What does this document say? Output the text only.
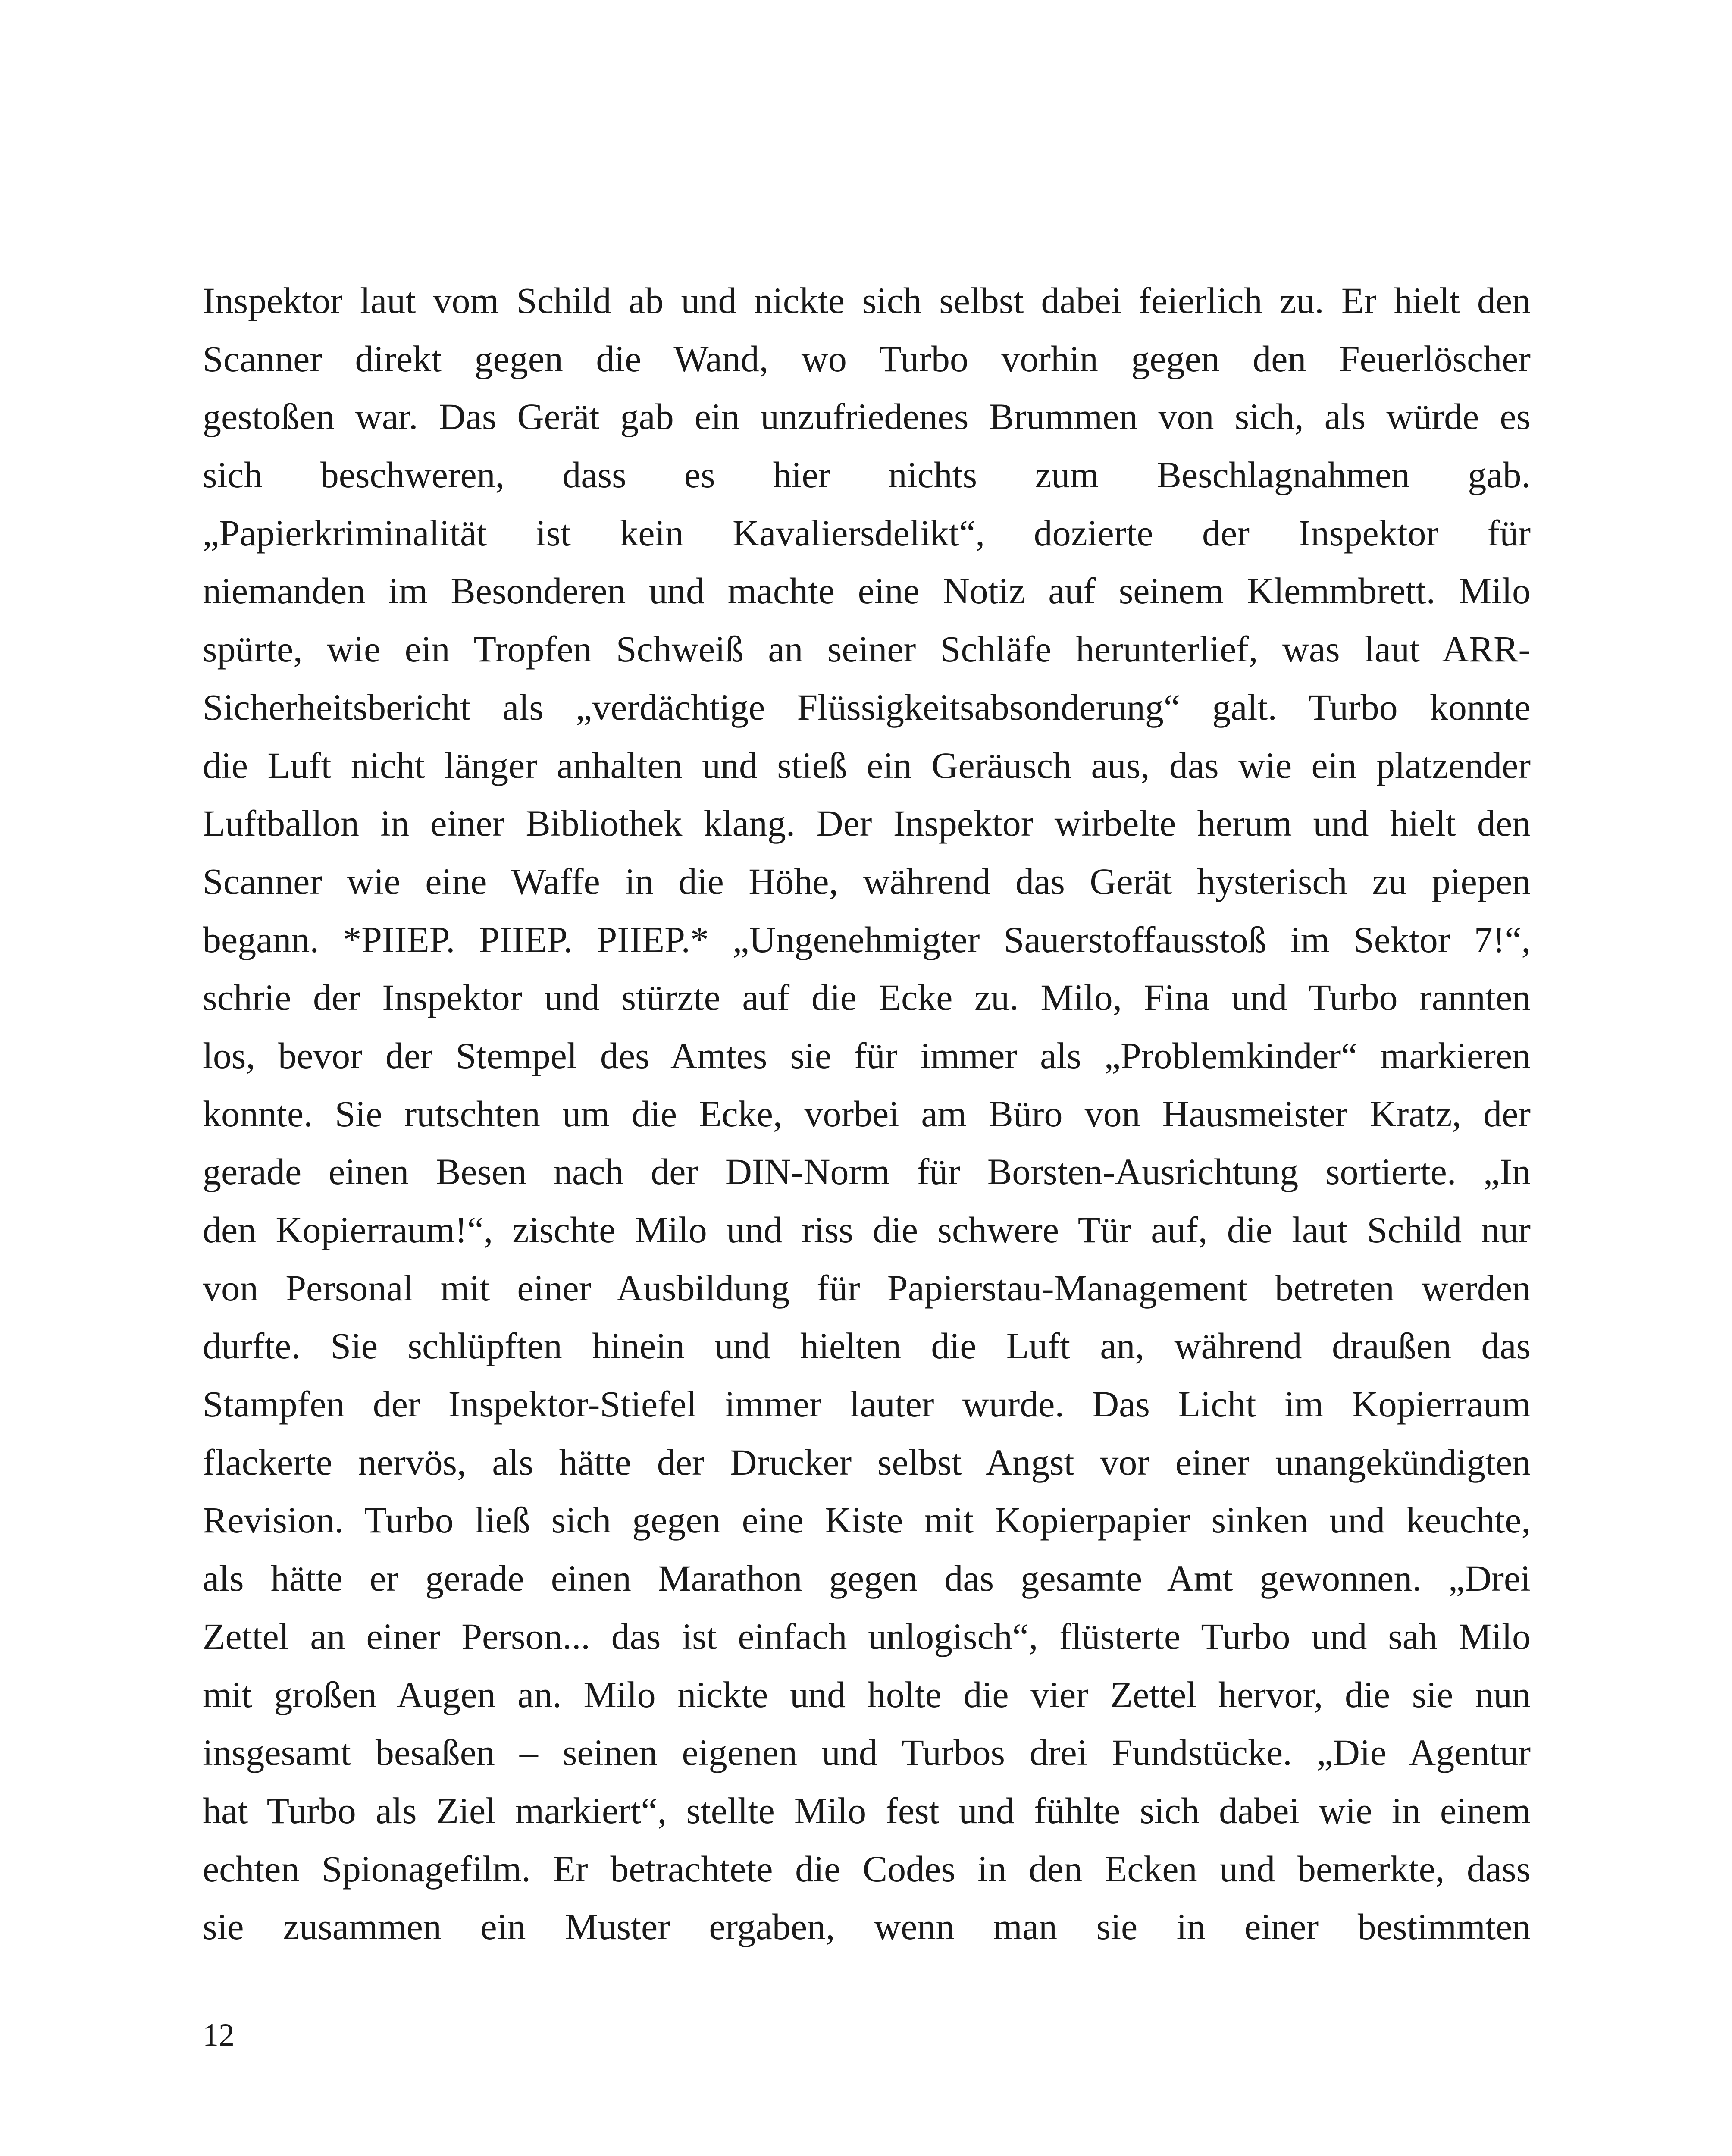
Inspektor laut vom Schild ab und nickte sich selbst dabei feierlich zu. Er hielt den
Scanner direkt gegen die Wand, wo Turbo vorhin gegen den Feuerlöscher
gestoßen war. Das Gerät gab ein unzufriedenes Brummen von sich, als würde es
sich beschweren, dass es hier nichts zum Beschlagnahmen gab.
„Papierkriminalität ist kein Kavaliersdelikt“, dozierte der Inspektor für
niemanden im Besonderen und machte eine Notiz auf seinem Klemmbrett. Milo
spürte, wie ein Tropfen Schweiß an seiner Schläfe herunterlief, was laut ARR-
Sicherheitsbericht als „verdächtige Flüssigkeitsabsonderung“ galt. Turbo konnte
die Luft nicht länger anhalten und stieß ein Geräusch aus, das wie ein platzender
Luftballon in einer Bibliothek klang. Der Inspektor wirbelte herum und hielt den
Scanner wie eine Waffe in die Höhe, während das Gerät hysterisch zu piepen
begann. *PIIEP. PIIEP. PIIEP.* „Ungenehmigter Sauerstoffausstoß im Sektor 7!“,
schrie der Inspektor und stürzte auf die Ecke zu. Milo, Fina und Turbo rannten
los, bevor der Stempel des Amtes sie für immer als „Problemkinder“ markieren
konnte. Sie rutschten um die Ecke, vorbei am Büro von Hausmeister Kratz, der
gerade einen Besen nach der DIN-Norm für Borsten-Ausrichtung sortierte. „In
den Kopierraum!“, zischte Milo und riss die schwere Tür auf, die laut Schild nur
von Personal mit einer Ausbildung für Papierstau-Management betreten werden
durfte. Sie schlüpften hinein und hielten die Luft an, während draußen das
Stampfen der Inspektor-Stiefel immer lauter wurde. Das Licht im Kopierraum
flackerte nervös, als hätte der Drucker selbst Angst vor einer unangekündigten
Revision. Turbo ließ sich gegen eine Kiste mit Kopierpapier sinken und keuchte,
als hätte er gerade einen Marathon gegen das gesamte Amt gewonnen. „Drei
Zettel an einer Person... das ist einfach unlogisch“, flüsterte Turbo und sah Milo
mit großen Augen an. Milo nickte und holte die vier Zettel hervor, die sie nun
insgesamt besaßen – seinen eigenen und Turbos drei Fundstücke. „Die Agentur
hat Turbo als Ziel markiert“, stellte Milo fest und fühlte sich dabei wie in einem
echten Spionagefilm. Er betrachtete die Codes in den Ecken und bemerkte, dass
sie zusammen ein Muster ergaben, wenn man sie in einer bestimmten
12
